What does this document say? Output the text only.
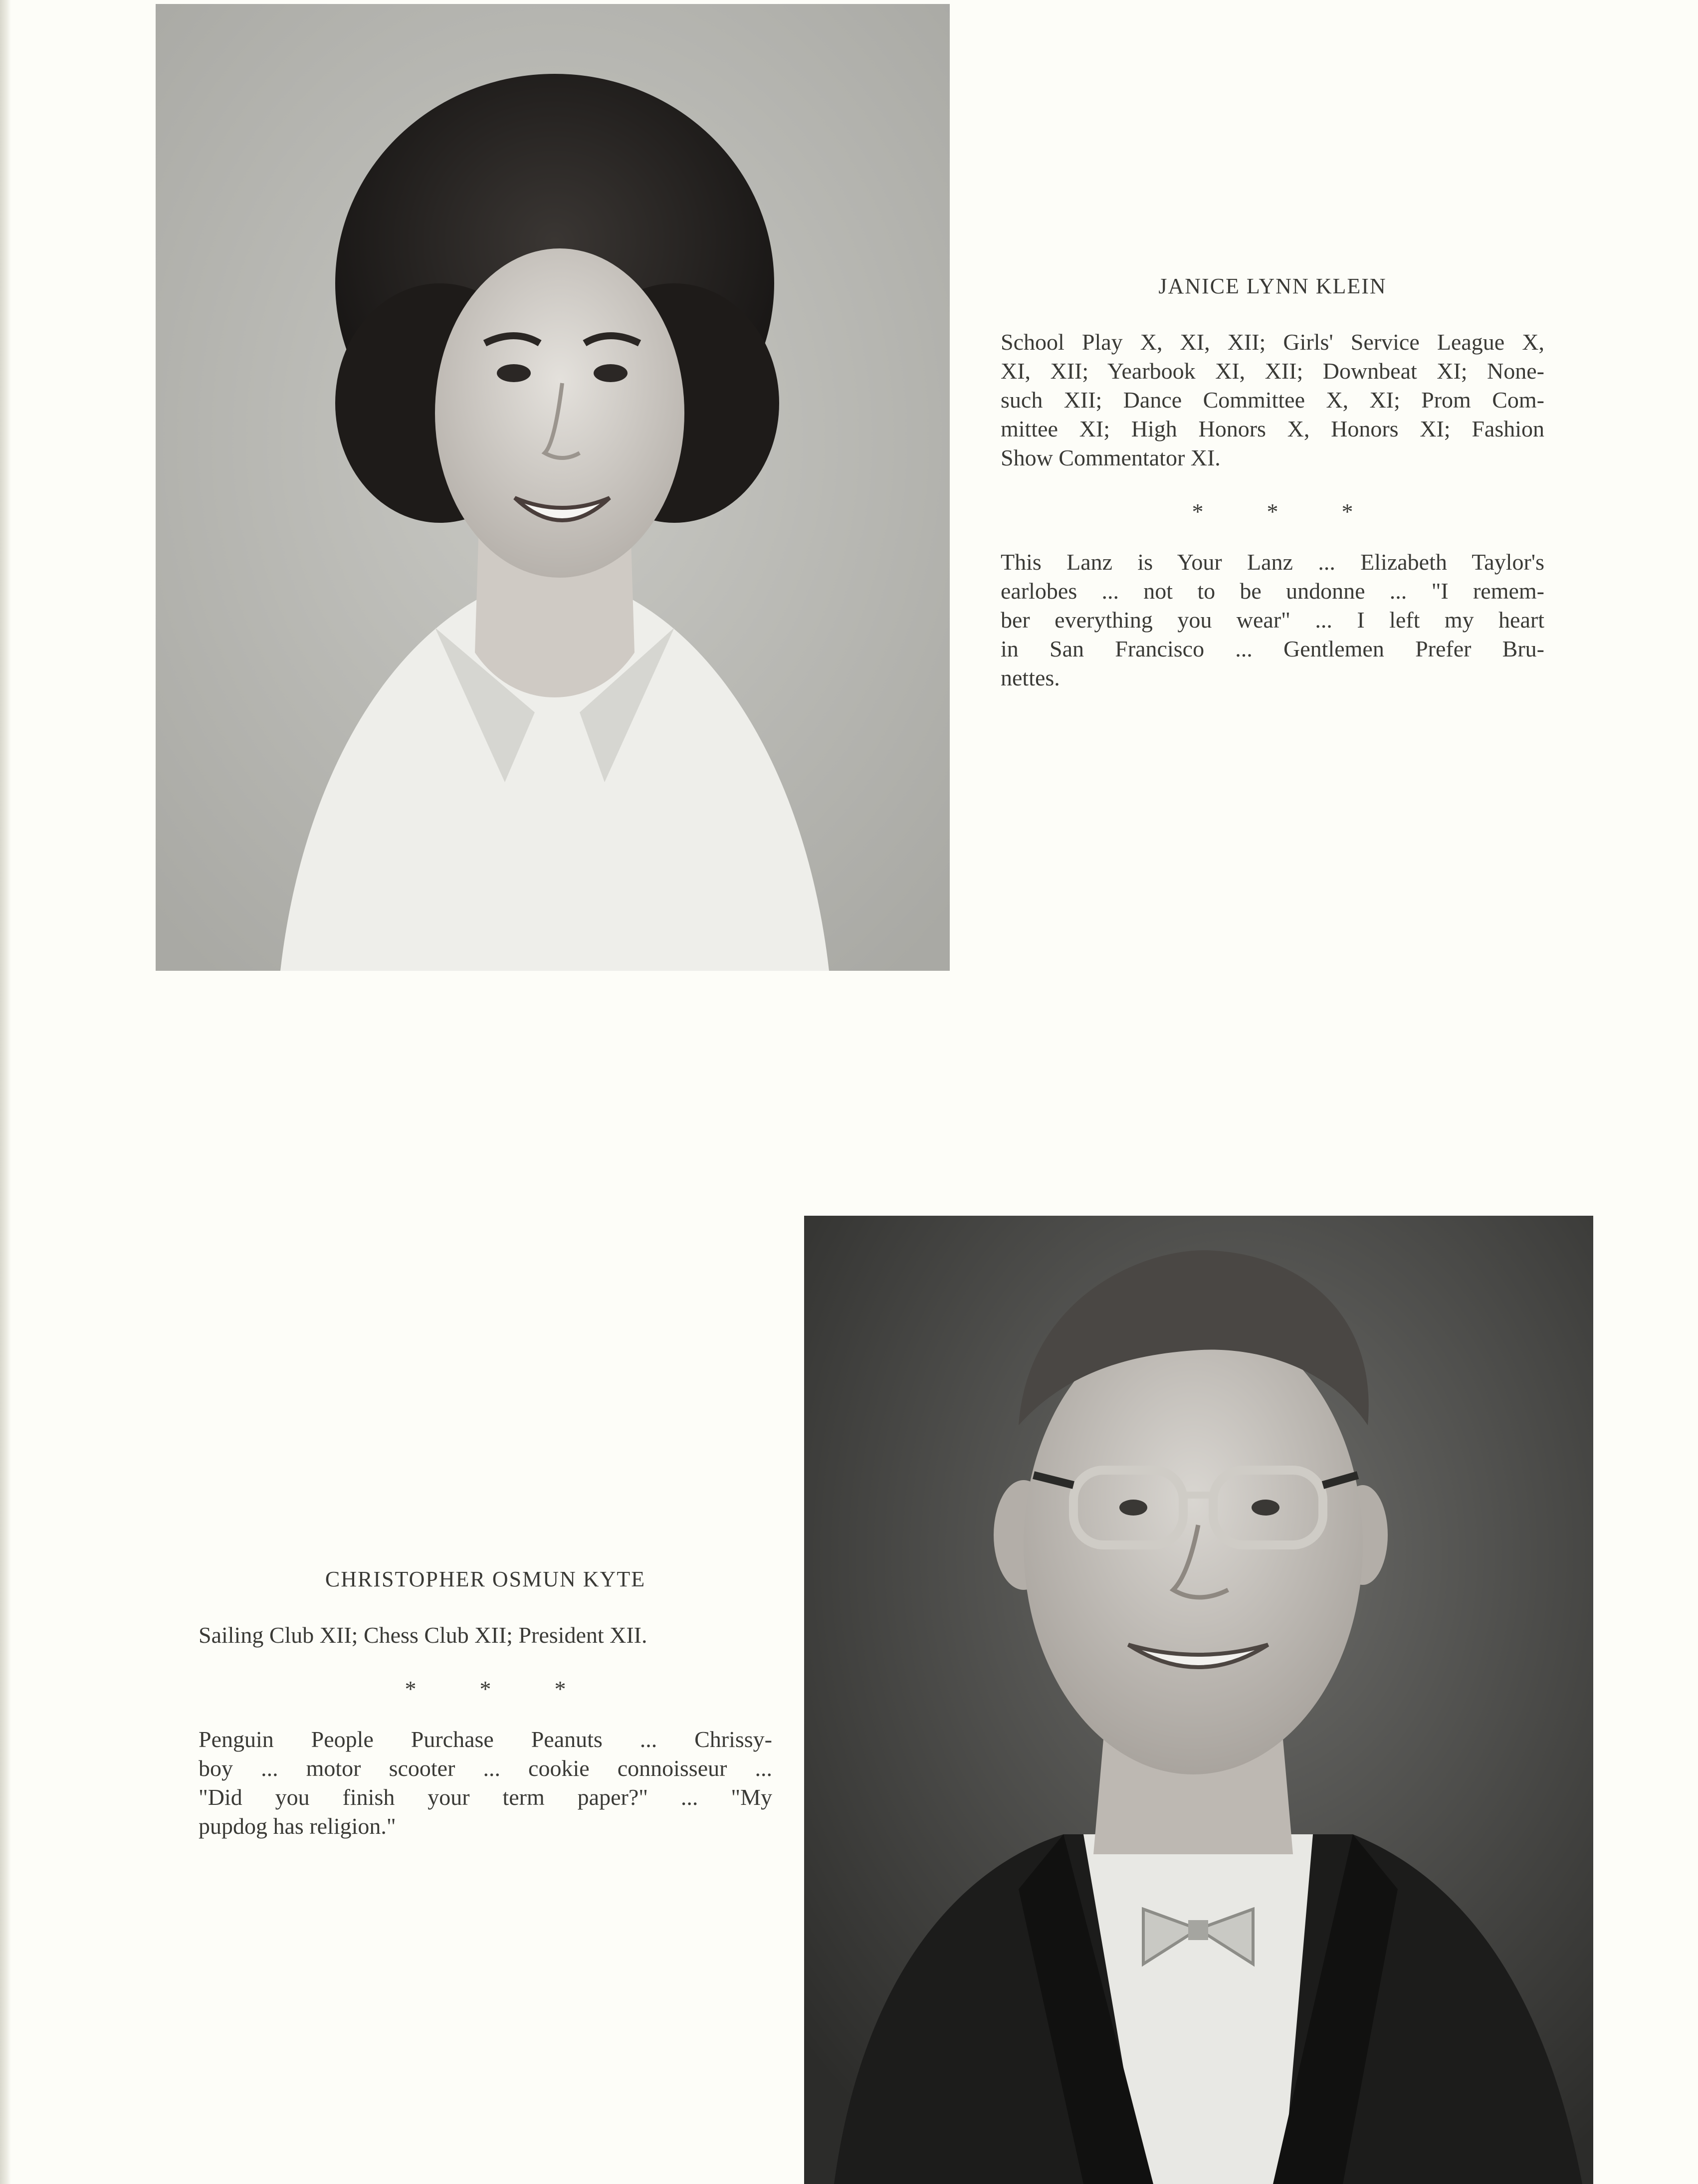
JANICE LYNN KLEIN

School Play X, XI, XII; Girls' Service League X,
XI, XII; Yearbook XI, XII; Downbeat XI; None-
such XII; Dance Committee X, XI; Prom Com-
mittee XI; High Honors X, Honors XI; Fashion
Show Commentator XI.

*	*	*

This Lanz is Your Lanz ... Elizabeth Taylor's
earlobes ... not to be undonne ... "I remem-
ber everything you wear" ... I left my heart
in San Francisco ... Gentlemen Prefer Bru-
nettes.

CHRISTOPHER OSMUN KYTE

Sailing Club XII; Chess Club XII; President XII.

*	*	*

Penguin People Purchase Peanuts ... Chrissy-
boy ... motor scooter ... cookie connoisseur ...
"Did you finish your term paper?" ... "My
pupdog has religion."
